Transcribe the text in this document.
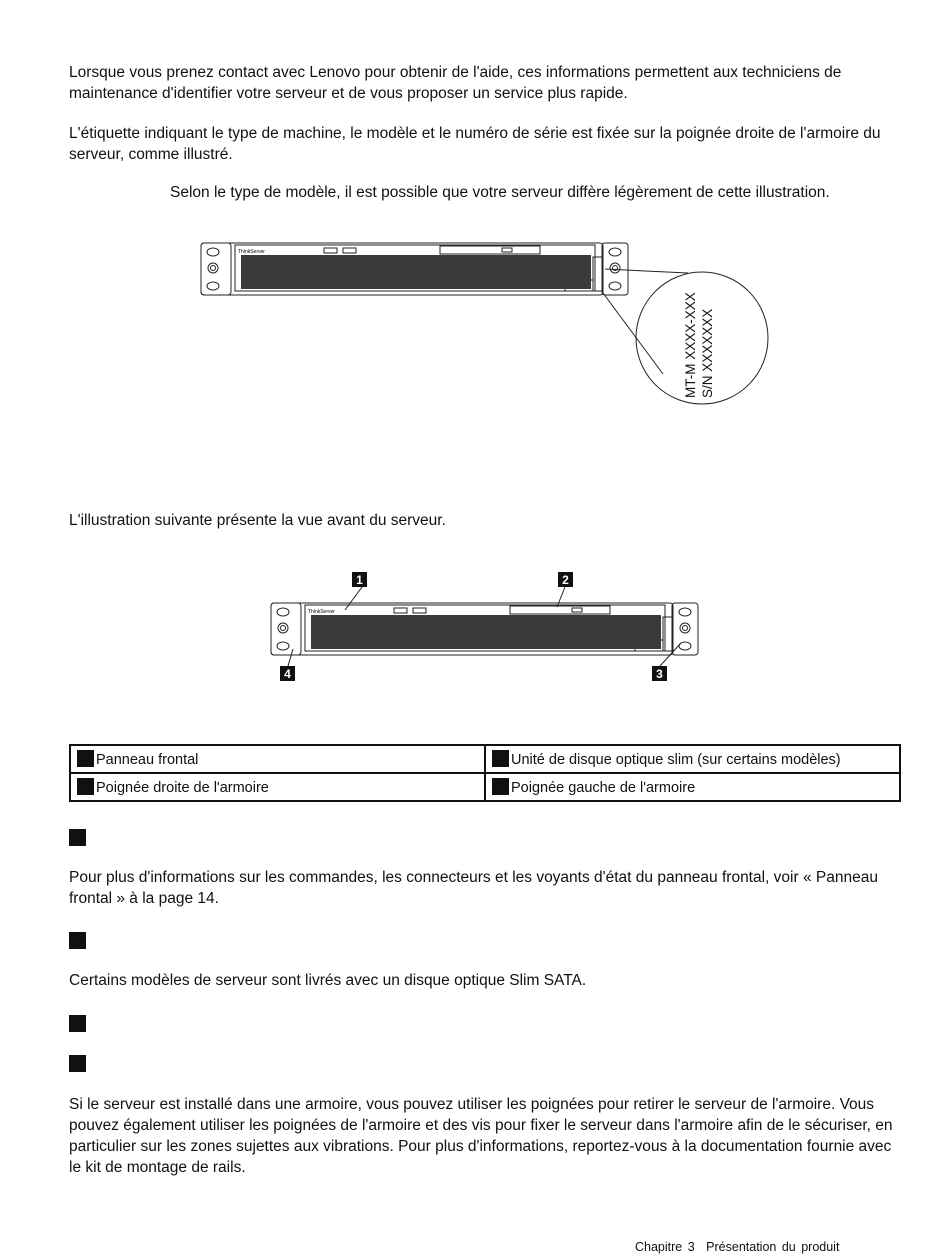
Lorsque vous prenez contact avec Lenovo pour obtenir de l'aide, ces informations permettent aux techniciens de maintenance d'identifier votre serveur et de vous proposer un service plus rapide.

L'étiquette indiquant le type de machine, le modèle et le numéro de série est fixée sur la poignée droite de l'armoire du serveur, comme illustré.

Selon le type de modèle, il est possible que votre serveur diffère légèrement de cette illustration.

ThinkServer
MT-M XXXX-XXX S/N XXXXXXX

L'illustration suivante présente la vue avant du serveur.

ThinkServer
1	2
3
4
Panneau frontal	Unité de disque optique slim (sur certains modèles)
Poignée droite de l'armoire	Poignée gauche de l'armoire

Pour plus d'informations sur les commandes, les connecteurs et les voyants d'état du panneau frontal, voir « Panneau frontal » à la page 14.

Certains modèles de serveur sont livrés avec un disque optique Slim SATA.

Si le serveur est installé dans une armoire, vous pouvez utiliser les poignées pour retirer le serveur de l'armoire. Vous pouvez également utiliser les poignées de l'armoire et des vis pour fixer le serveur dans l'armoire afin de le sécuriser, en particulier sur les zones sujettes aux vibrations. Pour plus d'informations, reportez-vous à la documentation fournie avec le kit de montage de rails.

Chapitre 3 Présentation du produit
